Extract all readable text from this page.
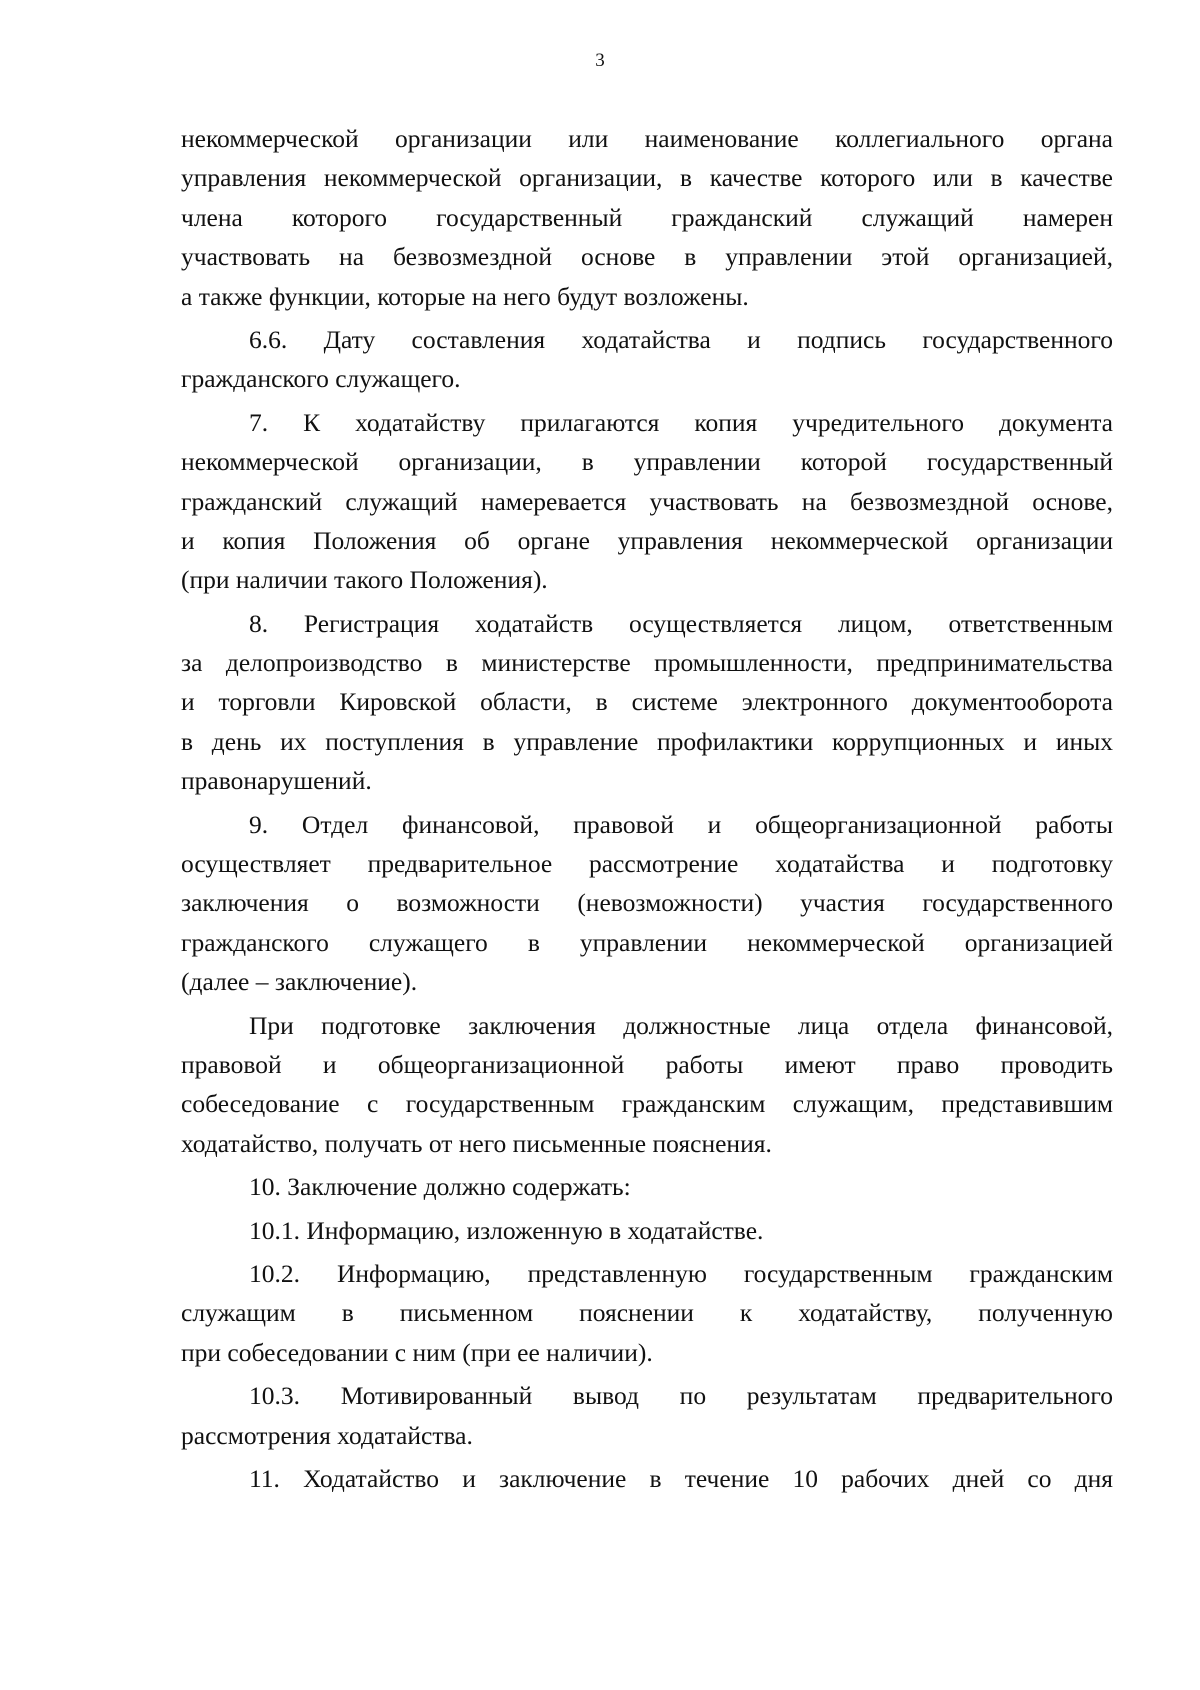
3
некоммерческой организации или наименование коллегиального органа
управления некоммерческой организации, в качестве которого или в качестве
члена которого государственный гражданский служащий намерен
участвовать на безвозмездной основе в управлении этой организацией,
а также функции, которые на него будут возложены.
6.6. Дату составления ходатайства и подпись государственного
гражданского служащего.
7. К ходатайству прилагаются копия учредительного документа
некоммерческой организации, в управлении которой государственный
гражданский служащий намеревается участвовать на безвозмездной основе,
и копия Положения об органе управления некоммерческой организации
(при наличии такого Положения).
8. Регистрация ходатайств осуществляется лицом, ответственным
за делопроизводство в министерстве промышленности, предпринимательства
и торговли Кировской области, в системе электронного документооборота
в день их поступления в управление профилактики коррупционных и иных
правонарушений.
9. Отдел финансовой, правовой и общеорганизационной работы
осуществляет предварительное рассмотрение ходатайства и подготовку
заключения о возможности (невозможности) участия государственного
гражданского служащего в управлении некоммерческой организацией
(далее – заключение).
При подготовке заключения должностные лица отдела финансовой,
правовой и общеорганизационной работы имеют право проводить
собеседование с государственным гражданским служащим, представившим
ходатайство, получать от него письменные пояснения.
10. Заключение должно содержать:
10.1. Информацию, изложенную в ходатайстве.
10.2. Информацию, представленную государственным гражданским
служащим в письменном пояснении к ходатайству, полученную
при собеседовании с ним (при ее наличии).
10.3. Мотивированный вывод по результатам предварительного
рассмотрения ходатайства.
11. Ходатайство и заключение в течение 10 рабочих дней со дня
